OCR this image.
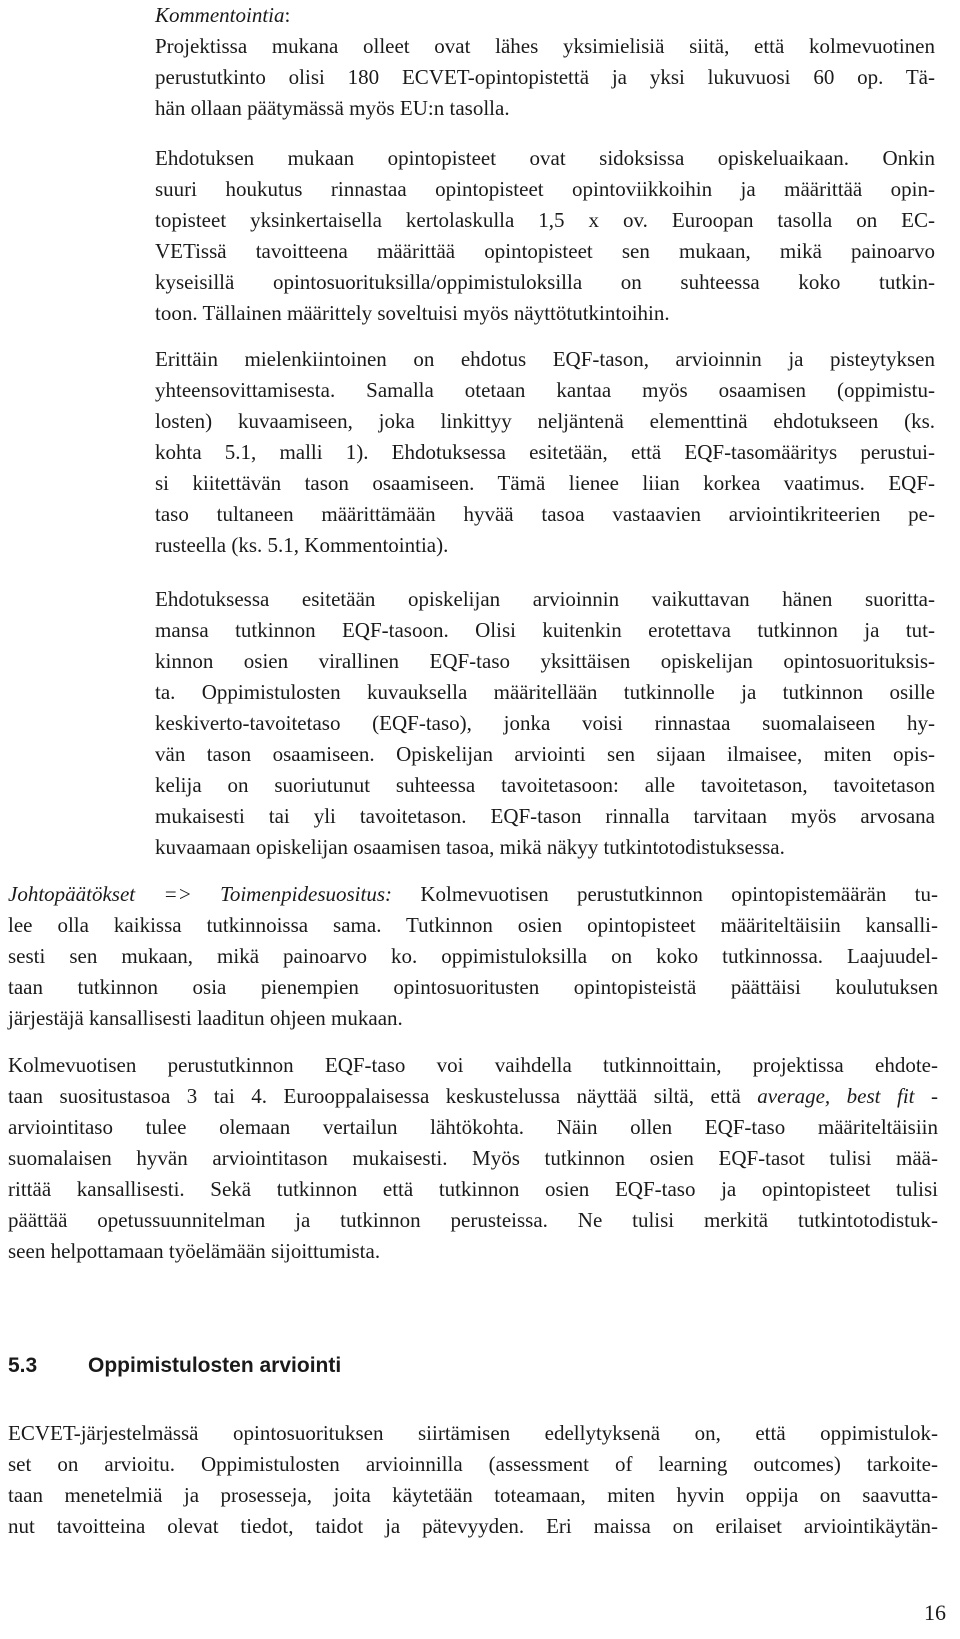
Kommentointia:

Projektissa mukana olleet ovat lähes yksimielisiä siitä, että kolmevuotinen
perustutkinto olisi 180 ECVET-opintopistettä ja yksi lukuvuosi 60 op. Tä-
hän ollaan päätymässä myös EU:n tasolla.
Ehdotuksen mukaan opintopisteet ovat sidoksissa opiskeluaikaan. Onkin
suuri houkutus rinnastaa opintopisteet opintoviikkoihin ja määrittää opin-
topisteet yksinkertaisella kertolaskulla 1,5 x ov. Euroopan tasolla on EC-
VETissä tavoitteena määrittää opintopisteet sen mukaan, mikä painoarvo
kyseisillä opintosuorituksilla/oppimistuloksilla on suhteessa koko tutkin-
toon. Tällainen määrittely soveltuisi myös näyttötutkintoihin.
Erittäin mielenkiintoinen on ehdotus EQF-tason, arvioinnin ja pisteytyksen
yhteensovittamisesta. Samalla otetaan kantaa myös osaamisen (oppimistu-
losten) kuvaamiseen, joka linkittyy neljäntenä elementtinä ehdotukseen (ks.
kohta 5.1, malli 1). Ehdotuksessa esitetään, että EQF-tasomääritys perustui-
si kiitettävän tason osaamiseen. Tämä lienee liian korkea vaatimus. EQF-
taso tultaneen määrittämään hyvää tasoa vastaavien arviointikriteerien pe-
rusteella (ks. 5.1, Kommentointia).
Ehdotuksessa esitetään opiskelijan arvioinnin vaikuttavan hänen suoritta-
mansa tutkinnon EQF-tasoon. Olisi kuitenkin erotettava tutkinnon ja tut-
kinnon osien virallinen EQF-taso yksittäisen opiskelijan opintosuorituksis-
ta. Oppimistulosten kuvauksella määritellään tutkinnolle ja tutkinnon osille
keskiverto-tavoitetaso (EQF-taso), jonka voisi rinnastaa suomalaiseen hy-
vän tason osaamiseen. Opiskelijan arviointi sen sijaan ilmaisee, miten opis-
kelija on suoriutunut suhteessa tavoitetasoon: alle tavoitetason, tavoitetason
mukaisesti tai yli tavoitetason. EQF-tason rinnalla tarvitaan myös arvosana
kuvaamaan opiskelijan osaamisen tasoa, mikä näkyy tutkintotodistuksessa.
Johtopäätökset => Toimenpidesuositus: Kolmevuotisen perustutkinnon opintopistemäärän tu-
lee olla kaikissa tutkinnoissa sama. Tutkinnon osien opintopisteet määriteltäisiin kansalli-
sesti sen mukaan, mikä painoarvo ko. oppimistuloksilla on koko tutkinnossa. Laajuudel-
taan tutkinnon osia pienempien opintosuoritusten opintopisteistä päättäisi koulutuksen
järjestäjä kansallisesti laaditun ohjeen mukaan.
Kolmevuotisen perustutkinnon EQF-taso voi vaihdella tutkinnoittain, projektissa ehdote-
taan suositustasoa 3 tai 4. Eurooppalaisessa keskustelussa näyttää siltä, että average, best fit -
arviointitaso tulee olemaan vertailun lähtökohta. Näin ollen EQF-taso määriteltäisiin
suomalaisen hyvän arviointitason mukaisesti. Myös tutkinnon osien EQF-tasot tulisi mää-
rittää kansallisesti. Sekä tutkinnon että tutkinnon osien EQF-taso ja opintopisteet tulisi
päättää opetussuunnitelman ja tutkinnon perusteissa. Ne tulisi merkitä tutkintotodistuk-
seen helpottamaan työelämään sijoittumista.
5.3 Oppimistulosten arviointi
ECVET-järjestelmässä opintosuorituksen siirtämisen edellytyksenä on, että oppimistulok-
set on arvioitu. Oppimistulosten arvioinnilla (assessment of learning outcomes) tarkoite-
taan menetelmiä ja prosesseja, joita käytetään toteamaan, miten hyvin oppija on saavutta-
nut tavoitteina olevat tiedot, taidot ja pätevyyden. Eri maissa on erilaiset arviointikäytän-
16
